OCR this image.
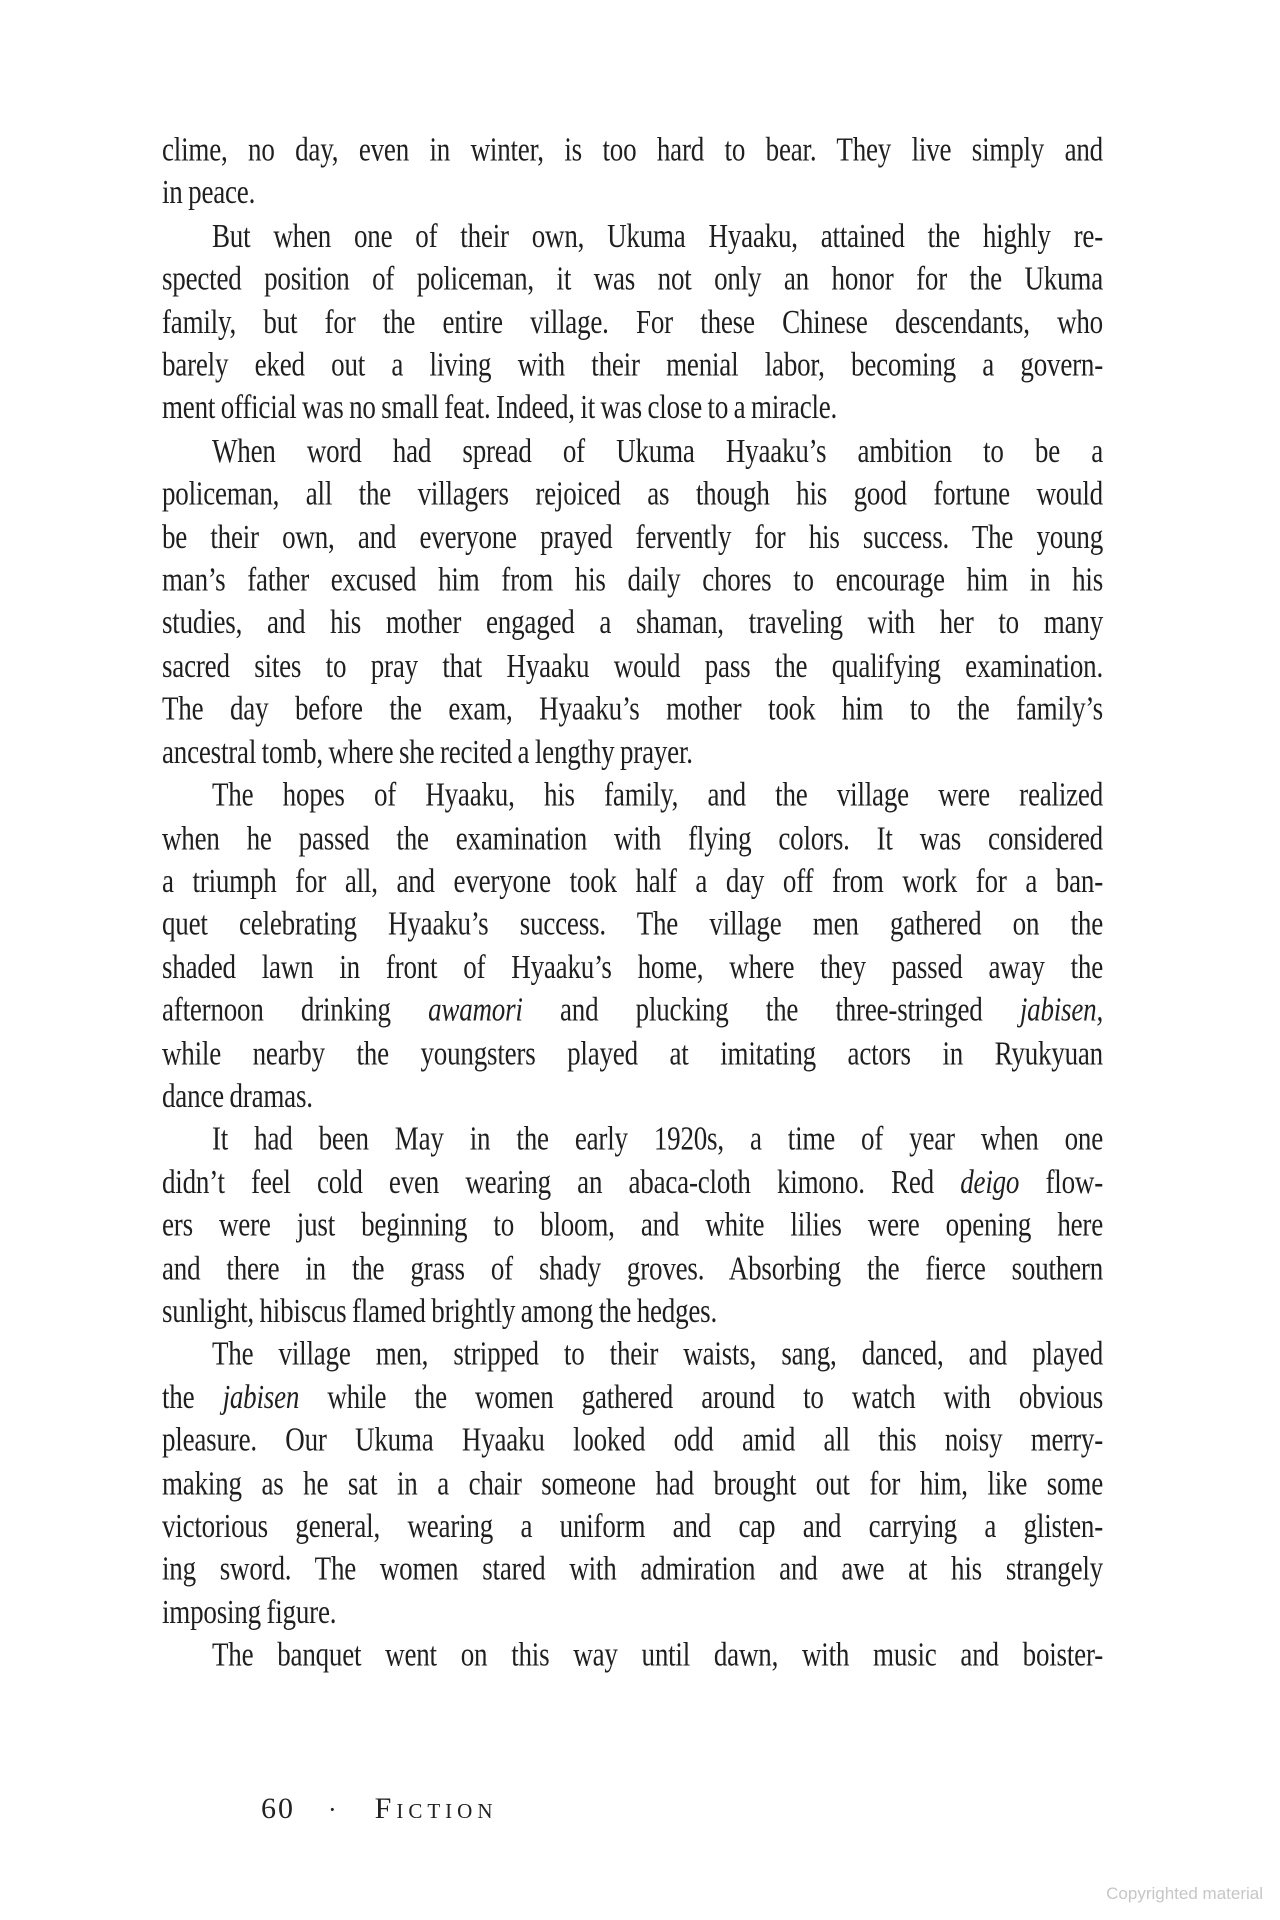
clime, no day, even in winter, is too hard to bear. They live simply and
in peace.
But when one of their own, Ukuma Hyaaku, attained the highly re-
spected position of policeman, it was not only an honor for the Ukuma
family, but for the entire village. For these Chinese descendants, who
barely eked out a living with their menial labor, becoming a govern-
ment official was no small feat. Indeed, it was close to a miracle.
When word had spread of Ukuma Hyaaku’s ambition to be a
policeman, all the villagers rejoiced as though his good fortune would
be their own, and everyone prayed fervently for his success. The young
man’s father excused him from his daily chores to encourage him in his
studies, and his mother engaged a shaman, traveling with her to many
sacred sites to pray that Hyaaku would pass the qualifying examination.
The day before the exam, Hyaaku’s mother took him to the family’s
ancestral tomb, where she recited a lengthy prayer.
The hopes of Hyaaku, his family, and the village were realized
when he passed the examination with flying colors. It was considered
a triumph for all, and everyone took half a day off from work for a ban-
quet celebrating Hyaaku’s success. The village men gathered on the
shaded lawn in front of Hyaaku’s home, where they passed away the
afternoon drinking awamori and plucking the three-stringed jabisen,
while nearby the youngsters played at imitating actors in Ryukyuan
dance dramas.
It had been May in the early 1920s, a time of year when one
didn’t feel cold even wearing an abaca-cloth kimono. Red deigo flow-
ers were just beginning to bloom, and white lilies were opening here
and there in the grass of shady groves. Absorbing the fierce southern
sunlight, hibiscus flamed brightly among the hedges.
The village men, stripped to their waists, sang, danced, and played
the jabisen while the women gathered around to watch with obvious
pleasure. Our Ukuma Hyaaku looked odd amid all this noisy merry-
making as he sat in a chair someone had brought out for him, like some
victorious general, wearing a uniform and cap and carrying a glisten-
ing sword. The women stared with admiration and awe at his strangely
imposing figure.
The banquet went on this way until dawn, with music and boister-
60 · Fiction
Copyrighted material
